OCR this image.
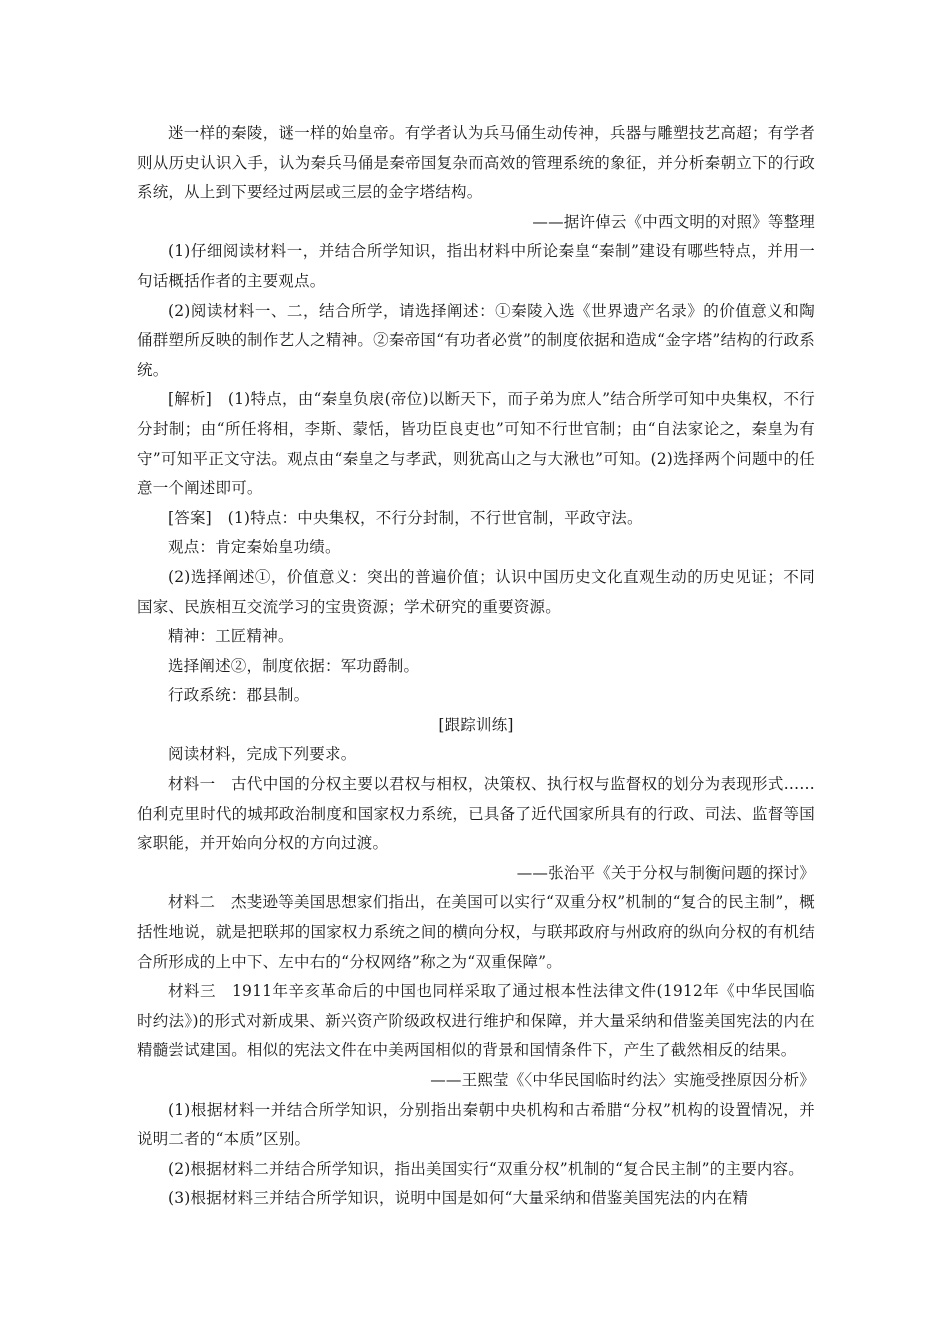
迷一样的秦陵，谜一样的始皇帝。有学者认为兵马俑生动传神，兵器与雕塑技艺高超；有学者则从历史认识入手，认为秦兵马俑是秦帝国复杂而高效的管理系统的象征，并分析秦朝立下的行政系统，从上到下要经过两层或三层的金字塔结构。

——据许倬云《中西文明的对照》等整理

(1)仔细阅读材料一，并结合所学知识，指出材料中所论秦皇“秦制”建设有哪些特点，并用一句话概括作者的主要观点。

(2)阅读材料一、二，结合所学，请选择阐述：①秦陵入选《世界遗产名录》的价值意义和陶俑群塑所反映的制作艺人之精神。②秦帝国“有功者必赏”的制度依据和造成“金字塔”结构的行政系统。

[解析]　(1)特点，由“秦皇负扆(帝位)以断天下，而子弟为庶人”结合所学可知中央集权，不行分封制；由“所任将相，李斯、蒙恬，皆功臣良吏也”可知不行世官制；由“自法家论之，秦皇为有守”可知平正文守法。观点由“秦皇之与孝武，则犹高山之与大湫也”可知。(2)选择两个问题中的任意一个阐述即可。

[答案]　(1)特点：中央集权，不行分封制，不行世官制，平政守法。

观点：肯定秦始皇功绩。

(2)选择阐述①，价值意义：突出的普遍价值；认识中国历史文化直观生动的历史见证；不同国家、民族相互交流学习的宝贵资源；学术研究的重要资源。

精神：工匠精神。

选择阐述②，制度依据：军功爵制。

行政系统：郡县制。

[跟踪训练]

阅读材料，完成下列要求。

材料一　古代中国的分权主要以君权与相权，决策权、执行权与监督权的划分为表现形式……伯利克里时代的城邦政治制度和国家权力系统，已具备了近代国家所具有的行政、司法、监督等国家职能，并开始向分权的方向过渡。

——张治平《关于分权与制衡问题的探讨》

材料二　杰斐逊等美国思想家们指出，在美国可以实行“双重分权”机制的“复合的民主制”，概括性地说，就是把联邦的国家权力系统之间的横向分权，与联邦政府与州政府的纵向分权的有机结合所形成的上中下、左中右的“分权网络”称之为“双重保障”。

材料三　1911年辛亥革命后的中国也同样采取了通过根本性法律文件(1912年《中华民国临时约法》)的形式对新成果、新兴资产阶级政权进行维护和保障，并大量采纳和借鉴美国宪法的内在精髓尝试建国。相似的宪法文件在中美两国相似的背景和国情条件下，产生了截然相反的结果。

——王熙莹《〈中华民国临时约法〉实施受挫原因分析》

(1)根据材料一并结合所学知识，分别指出秦朝中央机构和古希腊“分权”机构的设置情况，并说明二者的“本质”区别。

(2)根据材料二并结合所学知识，指出美国实行“双重分权”机制的“复合民主制”的主要内容。

(3)根据材料三并结合所学知识，说明中国是如何“大量采纳和借鉴美国宪法的内在精
